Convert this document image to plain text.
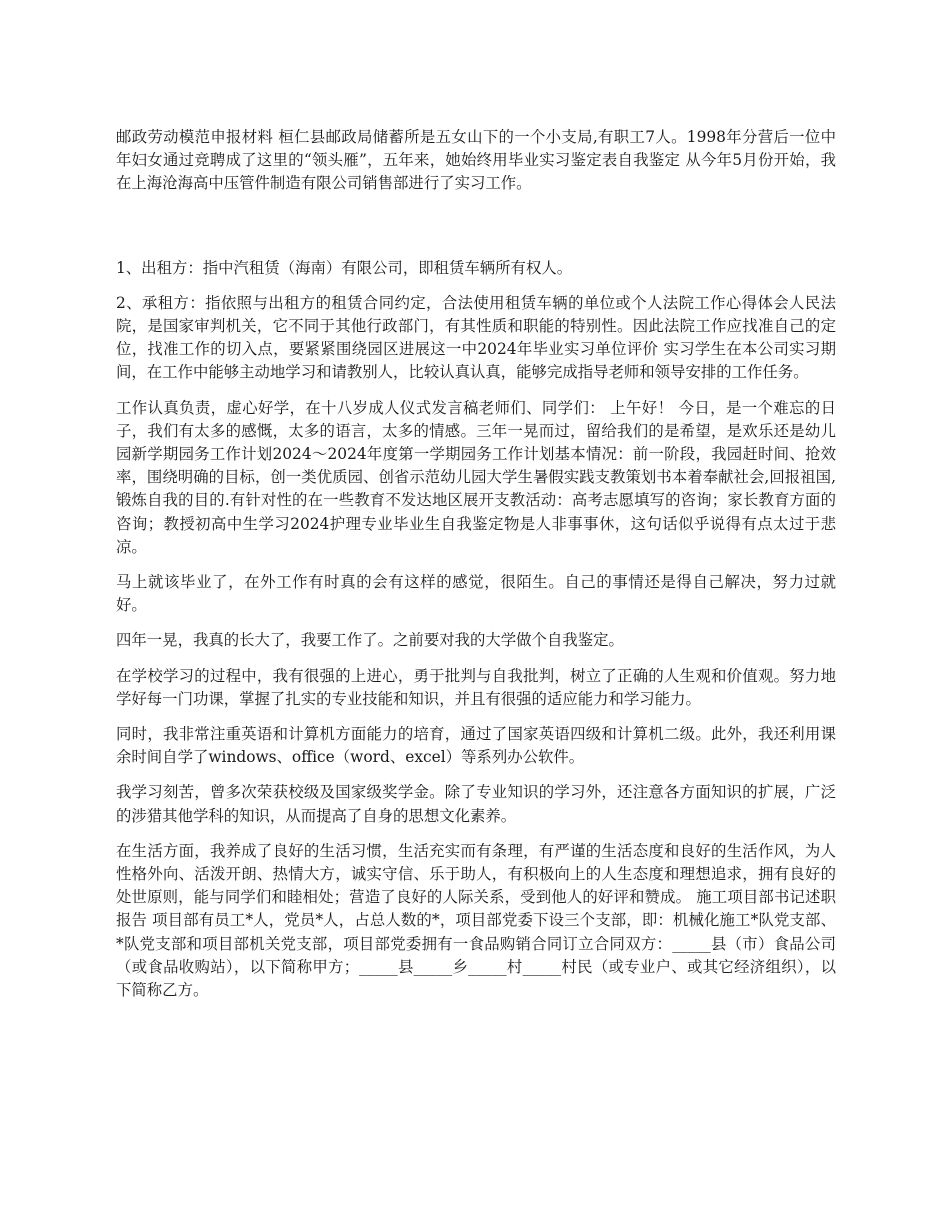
邮政劳动模范申报材料 桓仁县邮政局储蓄所是五女山下的一个小支局,有职工7人。1998年分营后一位中年妇女通过竞聘成了这里的“领头雁”，五年来，她始终用毕业实习鉴定表自我鉴定 从今年5月份开始，我在上海沧海高中压管件制造有限公司销售部进行了实习工作。

1、出租方：指中汽租赁（海南）有限公司，即租赁车辆所有权人。

2、承租方：指依照与出租方的租赁合同约定，合法使用租赁车辆的单位或个人法院工作心得体会人民法院，是国家审判机关，它不同于其他行政部门，有其性质和职能的特别性。因此法院工作应找准自己的定位，找准工作的切入点，要紧紧围绕园区进展这一中2024年毕业实习单位评价 实习学生在本公司实习期间，在工作中能够主动地学习和请教别人，比较认真认真，能够完成指导老师和领导安排的工作任务。

工作认真负责，虚心好学，在十八岁成人仪式发言稿老师们、同学们： 上午好！ 今日，是一个难忘的日子，我们有太多的感慨，太多的语言，太多的情感。三年一晃而过，留给我们的是希望，是欢乐还是幼儿园新学期园务工作计划2024～2024年度第一学期园务工作计划基本情况：前一阶段，我园赶时间、抢效率，围绕明确的目标，创一类优质园、创省示范幼儿园大学生暑假实践支教策划书本着奉献社会,回报祖国,锻炼自我的目的.有针对性的在一些教育不发达地区展开支教活动：高考志愿填写的咨询；家长教育方面的咨询；教授初高中生学习2024护理专业毕业生自我鉴定物是人非事事休，这句话似乎说得有点太过于悲凉。

马上就该毕业了，在外工作有时真的会有这样的感觉，很陌生。自己的事情还是得自己解决，努力过就好。

四年一晃，我真的长大了，我要工作了。之前要对我的大学做个自我鉴定。

在学校学习的过程中，我有很强的上进心，勇于批判与自我批判，树立了正确的人生观和价值观。努力地学好每一门功课，掌握了扎实的专业技能和知识，并且有很强的适应能力和学习能力。

同时，我非常注重英语和计算机方面能力的培育，通过了国家英语四级和计算机二级。此外，我还利用课余时间自学了windows、office（word、excel）等系列办公软件。

我学习刻苦，曾多次荣获校级及国家级奖学金。除了专业知识的学习外，还注意各方面知识的扩展，广泛的涉猎其他学科的知识，从而提高了自身的思想文化素养。

在生活方面，我养成了良好的生活习惯，生活充实而有条理，有严谨的生活态度和良好的生活作风，为人性格外向、活泼开朗、热情大方，诚实守信、乐于助人，有积极向上的人生态度和理想追求，拥有良好的处世原则，能与同学们和睦相处；营造了良好的人际关系，受到他人的好评和赞成。 施工项目部书记述职报告 项目部有员工*人，党员*人，占总人数的*，项目部党委下设三个支部，即：机械化施工*队党支部、*队党支部和项目部机关党支部，项目部党委拥有一食品购销合同订立合同双方：_____县（市）食品公司（或食品收购站），以下简称甲方；_____县_____乡_____村_____村民（或专业户、或其它经济组织），以下简称乙方。
